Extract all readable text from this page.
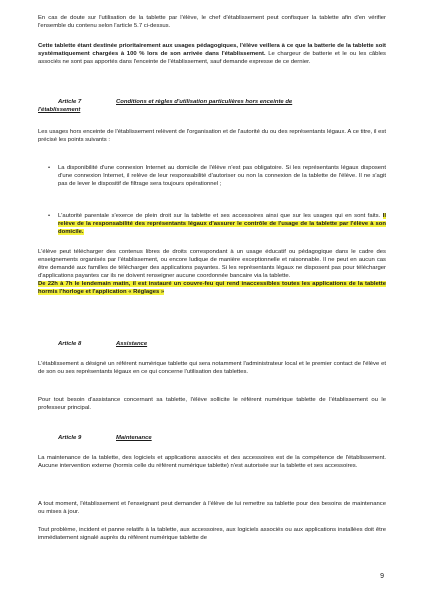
En cas de doute sur l'utilisation de la tablette par l'élève, le chef d'établissement peut confisquer la tablette afin d'en vérifier l'ensemble du contenu selon l'article 5.7 ci-dessus.

Cette tablette étant destinée prioritairement aux usages pédagogiques, l'élève veillera à ce que la batterie de la tablette soit systématiquement chargées à 100 % lors de son arrivée dans l'établissement. Le chargeur de batterie et le ou les câbles associés ne sont pas apportés dans l'enceinte de l'établissement, sauf demande expresse de ce dernier.

Article 7	Conditions et règles d'utilisation particulières hors enceinte de
l'établissement

Les usages hors enceinte de l'établissement relèvent de l'organisation et de l'autorité du ou des représentants légaux. A ce titre, il est précisé les points suivants :

• La disponibilité d'une connexion Internet au domicile de l'élève n'est pas obligatoire. Si les représentants légaux disposent d'une connexion Internet, il relève de leur responsabilité d'autoriser ou non la connexion de la tablette de l'élève. Il ne s'agit pas de lever le dispositif de filtrage sera toujours opérationnel ;

• L'autorité parentale s'exerce de plein droit sur la tablette et ses accessoires ainsi que sur les usages qui en sont faits. Il relève de la responsabilité des représentants légaux d'assurer le contrôle de l'usage de la tablette par l'élève à son domicile.

L'élève peut télécharger des contenus libres de droits correspondant à un usage éducatif ou pédagogique dans le cadre des enseignements organisés par l'établissement, ou encore ludique de manière exceptionnelle et raisonnable. Il ne peut en aucun cas être demandé aux familles de télécharger des applications payantes. Si les représentants légaux ne disposent pas pour télécharger d'applications payantes car ils ne doivent renseigner aucune coordonnée bancaire via la tablette.
De 22h à 7h le lendemain matin, il est instauré un couvre-feu qui rend inaccessibles toutes les applications de la tablette hormis l'horloge et l'application « Réglages »

Article 8	Assistance

L'établissement a désigné un référent numérique tablette qui sera notamment l'administrateur local et le premier contact de l'élève et de son ou ses représentants légaux en ce qui concerne l'utilisation des tablettes.

Pour tout besoin d'assistance concernant sa tablette, l'élève sollicite le référent numérique tablette de l'établissement ou le professeur principal.

Article 9	Maintenance

La maintenance de la tablette, des logiciels et applications associés et des accessoires est de la compétence de l'établissement. Aucune intervention externe (hormis celle du référent numérique tablette) n'est autorisée sur la tablette et ses accessoires.

A tout moment, l'établissement et l'enseignant peut demander à l'élève de lui remettre sa tablette pour des besoins de maintenance ou mises à jour.

Tout problème, incident et panne relatifs à la tablette, aux accessoires, aux logiciels associés ou aux applications installées doit être immédiatement signalé auprès du référent numérique tablette de

9
